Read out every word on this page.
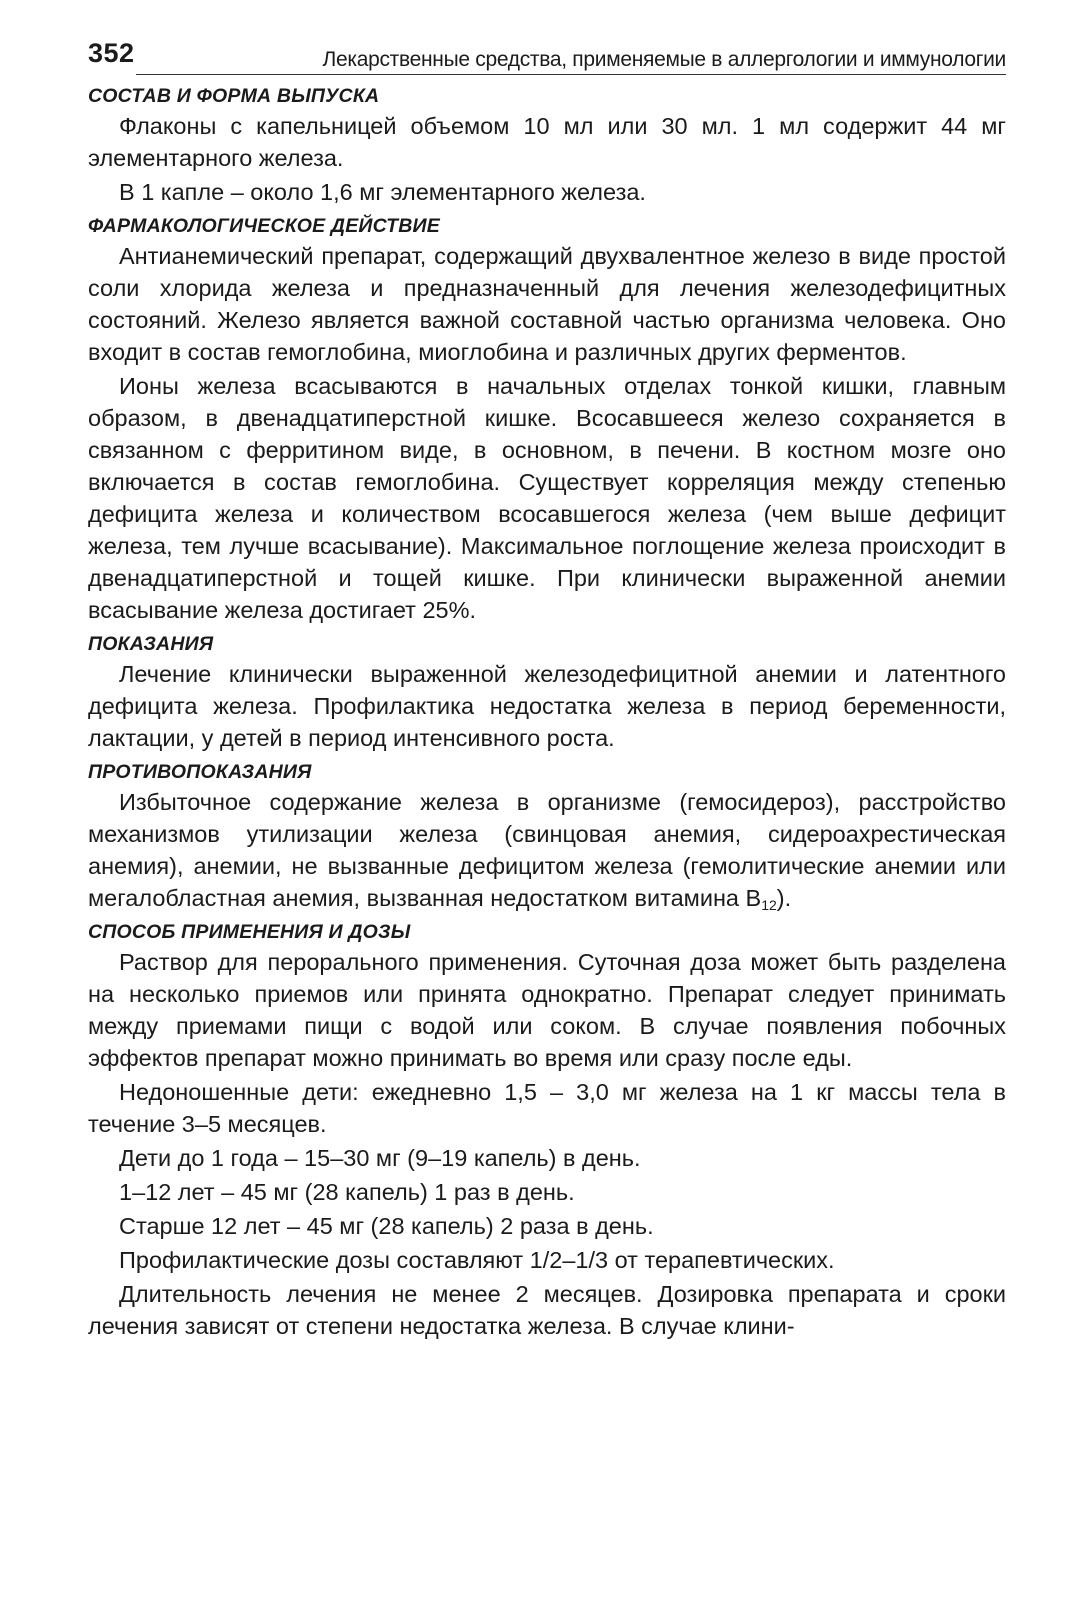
352	Лекарственные средства, применяемые в аллергологии и иммунологии
СОСТАВ И ФОРМА ВЫПУСКА

Флаконы с капельницей объемом 10 мл или 30 мл. 1 мл содержит 44 мг элементарного железа.

В 1 капле – около 1,6 мг элементарного железа.

ФАРМАКОЛОГИЧЕСКОЕ ДЕЙСТВИЕ

Антианемический препарат, содержащий двухвалентное железо в виде простой соли хлорида железа и предназначенный для лечения железодефицитных состояний. Железо является важной составной частью организма человека. Оно входит в состав гемоглобина, миоглобина и различных других ферментов.

Ионы железа всасываются в начальных отделах тонкой кишки, главным образом, в двенадцатиперстной кишке. Всосавшееся железо сохраняется в связанном с ферритином виде, в основном, в печени. В костном мозге оно включается в состав гемоглобина. Существует корреляция между степенью дефицита железа и количеством всосавшегося железа (чем выше дефицит железа, тем лучше всасывание). Максимальное поглощение железа происходит в двенадцатиперстной и тощей кишке. При клинически выраженной анемии всасывание железа достигает 25%.

ПОКАЗАНИЯ

Лечение клинически выраженной железодефицитной анемии и латентного дефицита железа. Профилактика недостатка железа в период беременности, лактации, у детей в период интенсивного роста.

ПРОТИВОПОКАЗАНИЯ

Избыточное содержание железа в организме (гемосидероз), расстройство механизмов утилизации железа (свинцовая анемия, сидероахрестическая анемия), анемии, не вызванные дефицитом железа (гемолитические анемии или мегалобластная анемия, вызванная недостатком витамина $B_{12}$).

СПОСОБ ПРИМЕНЕНИЯ И ДОЗЫ

Раствор для перорального применения. Суточная доза может быть разделена на несколько приемов или принята однократно. Препарат следует принимать между приемами пищи с водой или соком. В случае появления побочных эффектов препарат можно принимать во время или сразу после еды.

Недоношенные дети: ежедневно 1,5 – 3,0 мг железа на 1 кг массы тела в течение 3–5 месяцев.

Дети до 1 года – 15–30 мг (9–19 капель) в день.

1–12 лет – 45 мг (28 капель) 1 раз в день.

Старше 12 лет – 45 мг (28 капель) 2 раза в день.

Профилактические дозы составляют 1/2–1/3 от терапевтических.

Длительность лечения не менее 2 месяцев. Дозировка препарата и сроки лечения зависят от степени недостатка железа. В случае клини-
